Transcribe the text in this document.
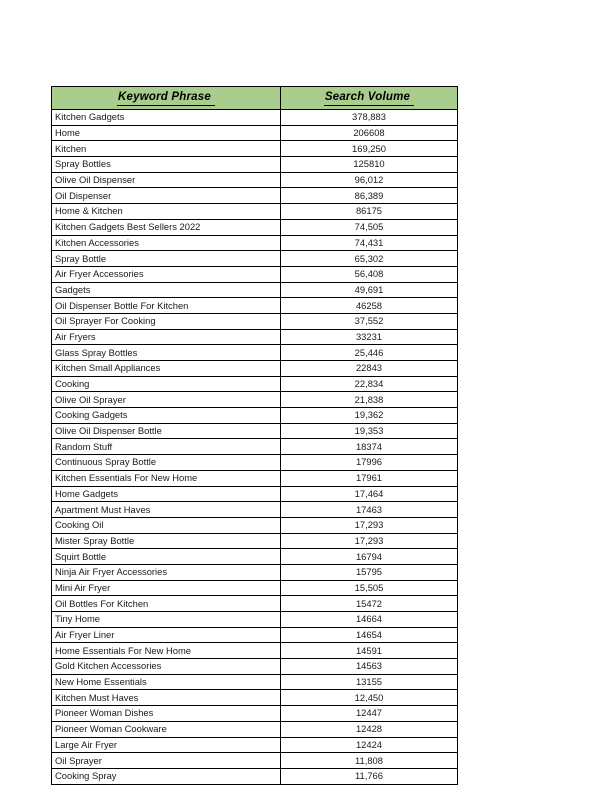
Keyword Phrase	Search Volume
Kitchen Gadgets	378,883
Home	206608
Kitchen	169,250
Spray Bottles	125810
Olive Oil Dispenser	96,012
Oil Dispenser	86,389
Home & Kitchen	86175
Kitchen Gadgets Best Sellers 2022	74,505
Kitchen Accessories	74,431
Spray Bottle	65,302
Air Fryer Accessories	56,408
Gadgets	49,691
Oil Dispenser Bottle For Kitchen	46258
Oil Sprayer For Cooking	37,552
Air Fryers	33231
Glass Spray Bottles	25,446
Kitchen Small Appliances	22843
Cooking	22,834
Olive Oil Sprayer	21,838
Cooking Gadgets	19,362
Olive Oil Dispenser Bottle	19,353
Random Stuff	18374
Continuous Spray Bottle	17996
Kitchen Essentials For New Home	17961
Home Gadgets	17,464
Apartment Must Haves	17463
Cooking Oil	17,293
Mister Spray Bottle	17,293
Squirt Bottle	16794
Ninja Air Fryer Accessories	15795
Mini Air Fryer	15,505
Oil Bottles For Kitchen	15472
Tiny Home	14664
Air Fryer Liner	14654
Home Essentials For New Home	14591
Gold Kitchen Accessories	14563
New Home Essentials	13155
Kitchen Must Haves	12,450
Pioneer Woman Dishes	12447
Pioneer Woman Cookware	12428
Large Air Fryer	12424
Oil Sprayer	11,808
Cooking Spray	11,766
